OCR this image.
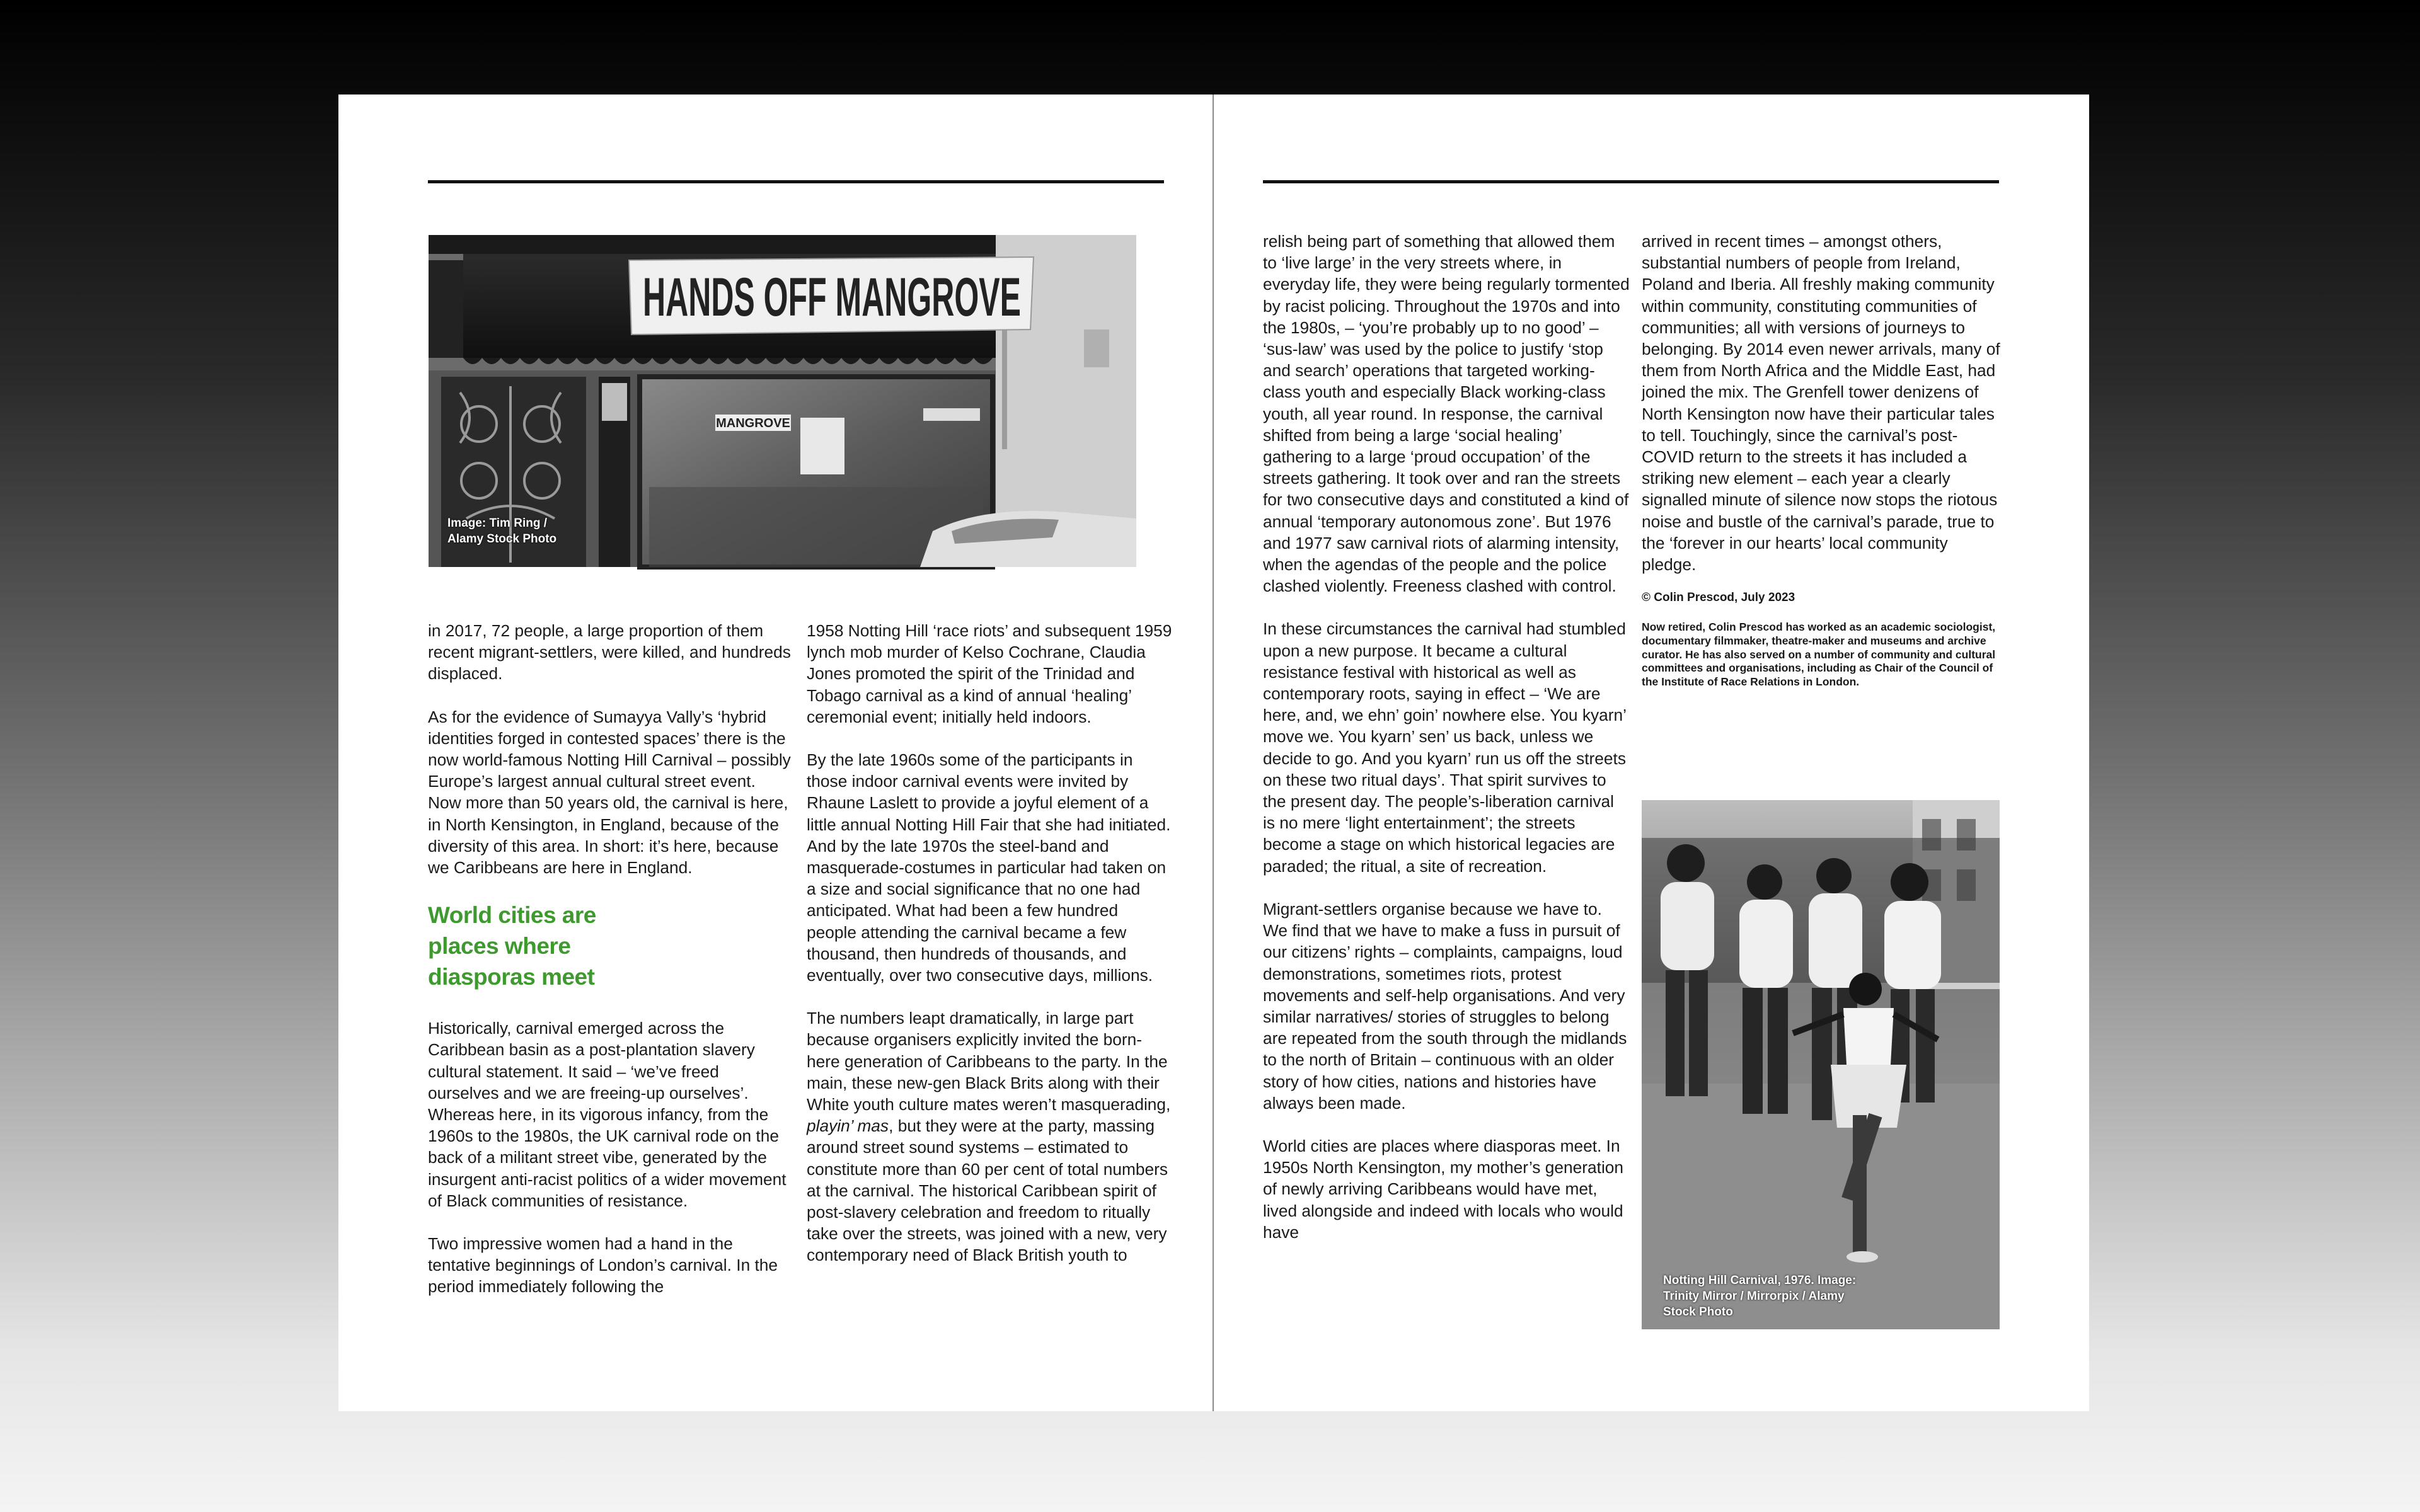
HANDS OFF MANGROVE
MANGROVE
Image: Tim Ring /
Alamy Stock Photo

in 2017, 72 people, a large proportion of them recent migrant-settlers, were killed, and hundreds displaced.

As for the evidence of Sumayya Vally’s ‘hybrid identities forged in contested spaces’ there is the now world-famous Notting Hill Carnival – possibly Europe’s largest annual cultural street event. Now more than 50 years old, the carnival is here, in North Kensington, in England, because of the diversity of this area. In short: it’s here, because we Caribbeans are here in England.

World cities are
places where
diasporas meet

Historically, carnival emerged across the Caribbean basin as a post-plantation slavery cultural statement. It said – ‘we’ve freed ourselves and we are freeing-up ourselves’. Whereas here, in its vigorous infancy, from the 1960s to the 1980s, the UK carnival rode on the back of a militant street vibe, generated by the insurgent anti-racist politics of a wider movement of Black communities of resistance.

Two impressive women had a hand in the tentative beginnings of London’s carnival. In the period immediately following the

1958 Notting Hill ‘race riots’ and subsequent 1959 lynch mob murder of Kelso Cochrane, Claudia Jones promoted the spirit of the Trinidad and Tobago carnival as a kind of annual ‘healing’ ceremonial event; initially held indoors.

By the late 1960s some of the participants in those indoor carnival events were invited by Rhaune Laslett to provide a joyful element of a little annual Notting Hill Fair that she had initiated. And by the late 1970s the steel-band and masquerade-costumes in particular had taken on a size and social significance that no one had anticipated. What had been a few hundred people attending the carnival became a few thousand, then hundreds of thousands, and eventually, over two consecutive days, millions.

The numbers leapt dramatically, in large part because organisers explicitly invited the born-here generation of Caribbeans to the party. In the main, these new-gen Black Brits along with their White youth culture mates weren’t masquerading, playin’ mas, but they were at the party, massing around street sound systems – estimated to constitute more than 60 per cent of total numbers at the carnival. The historical Caribbean spirit of post-slavery celebration and freedom to ritually take over the streets, was joined with a new, very contemporary need of Black British youth to

relish being part of something that allowed them to ‘live large’ in the very streets where, in everyday life, they were being regularly tormented by racist policing. Throughout the 1970s and into the 1980s, – ‘you’re probably up to no good’ – ‘sus-law’ was used by the police to justify ‘stop and search’ operations that targeted working-class youth and especially Black working-class youth, all year round. In response, the carnival shifted from being a large ‘social healing’ gathering to a large ‘proud occupation’ of the streets gathering. It took over and ran the streets for two consecutive days and constituted a kind of annual ‘temporary autonomous zone’. But 1976 and 1977 saw carnival riots of alarming intensity, when the agendas of the people and the police clashed violently. Freeness clashed with control.

In these circumstances the carnival had stumbled upon a new purpose. It became a cultural resistance festival with historical as well as contemporary roots, saying in effect – ‘We are here, and, we ehn’ goin’ nowhere else. You kyarn’ move we. You kyarn’ sen’ us back, unless we decide to go. And you kyarn’ run us off the streets on these two ritual days’. That spirit survives to the present day. The people’s-liberation carnival is no mere ‘light entertainment’; the streets become a stage on which historical legacies are paraded; the ritual, a site of recreation.

Migrant-settlers organise because we have to. We find that we have to make a fuss in pursuit of our citizens’ rights – complaints, campaigns, loud demonstrations, sometimes riots, protest movements and self-help organisations. And very similar narratives/ stories of struggles to belong are repeated from the south through the midlands to the north of Britain – continuous with an older story of how cities, nations and histories have always been made.

World cities are places where diasporas meet. In 1950s North Kensington, my mother’s generation of newly arriving Caribbeans would have met, lived alongside and indeed with locals who would have

arrived in recent times – amongst others, substantial numbers of people from Ireland, Poland and Iberia. All freshly making community within community, constituting communities of communities; all with versions of journeys to belonging. By 2014 even newer arrivals, many of them from North Africa and the Middle East, had joined the mix. The Grenfell tower denizens of North Kensington now have their particular tales to tell. Touchingly, since the carnival’s post-COVID return to the streets it has included a striking new element – each year a clearly signalled minute of silence now stops the riotous noise and bustle of the carnival’s parade, true to the ‘forever in our hearts’ local community pledge.

© Colin Prescod, July 2023

Now retired, Colin Prescod has worked as an academic sociologist, documentary filmmaker, theatre-maker and museums and archive curator. He has also served on a number of community and cultural committees and organisations, including as Chair of the Council of the Institute of Race Relations in London.

Notting Hill Carnival, 1976. Image:
Trinity Mirror / Mirrorpix / Alamy
Stock Photo
